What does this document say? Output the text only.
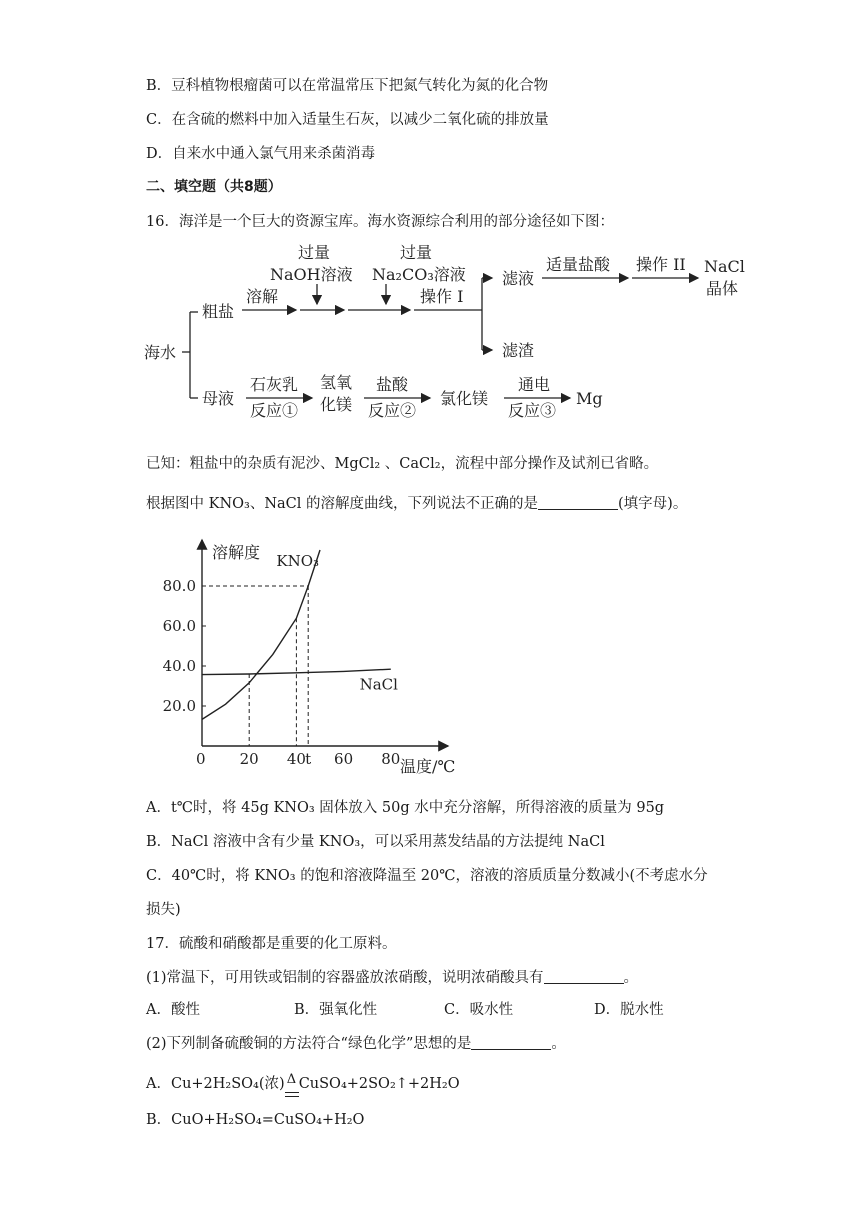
B．豆科植物根瘤菌可以在常温常压下把氮气转化为氮的化合物
C．在含硫的燃料中加入适量生石灰，以减少二氧化硫的排放量
D．自来水中通入氯气用来杀菌消毒
二、填空题（共8题）
16．海洋是一个巨大的资源宝库。海水资源综合利用的部分途径如下图：
海水
粗盐
溶解
过量
NaOH溶液
过量
Na₂CO₃溶液
操作 I
滤液
滤渣
适量盐酸 操作 II NaCl
晶体
母液
石灰乳
反应①
氢氧
化镁
盐酸
反应②
氯化镁
通电
反应③
Mg
已知：粗盐中的杂质有泥沙、MgCl₂ 、CaCl₂，流程中部分操作及试剂已省略。
根据图中 KNO₃、NaCl 的溶解度曲线，下列说法不正确的是	(填字母)。
溶解度
温度/℃
0
20.0
40.0
60.0
80.0
20 40 t 60 80
KNO₃
NaCl
A．t℃时，将 45g KNO₃ 固体放入 50g 水中充分溶解，所得溶液的质量为 95g
B．NaCl 溶液中含有少量 KNO₃，可以采用蒸发结晶的方法提纯 NaCl
C．40℃时，将 KNO₃ 的饱和溶液降温至 20℃，溶液的溶质质量分数减小(不考虑水分
损失)
17．硫酸和硝酸都是重要的化工原料。
(1)常温下，可用铁或铝制的容器盛放浓硝酸，说明浓硝酸具有	。
A．酸性	B．强氧化性	C．吸水性	D．脱水性
(2)下列制备硫酸铜的方法符合“绿色化学”思想的是	。
A．Cu+2H₂SO₄(浓) Δ CuSO₄+2SO₂↑+2H₂O
B．CuO+H₂SO₄=CuSO₄+H₂O
